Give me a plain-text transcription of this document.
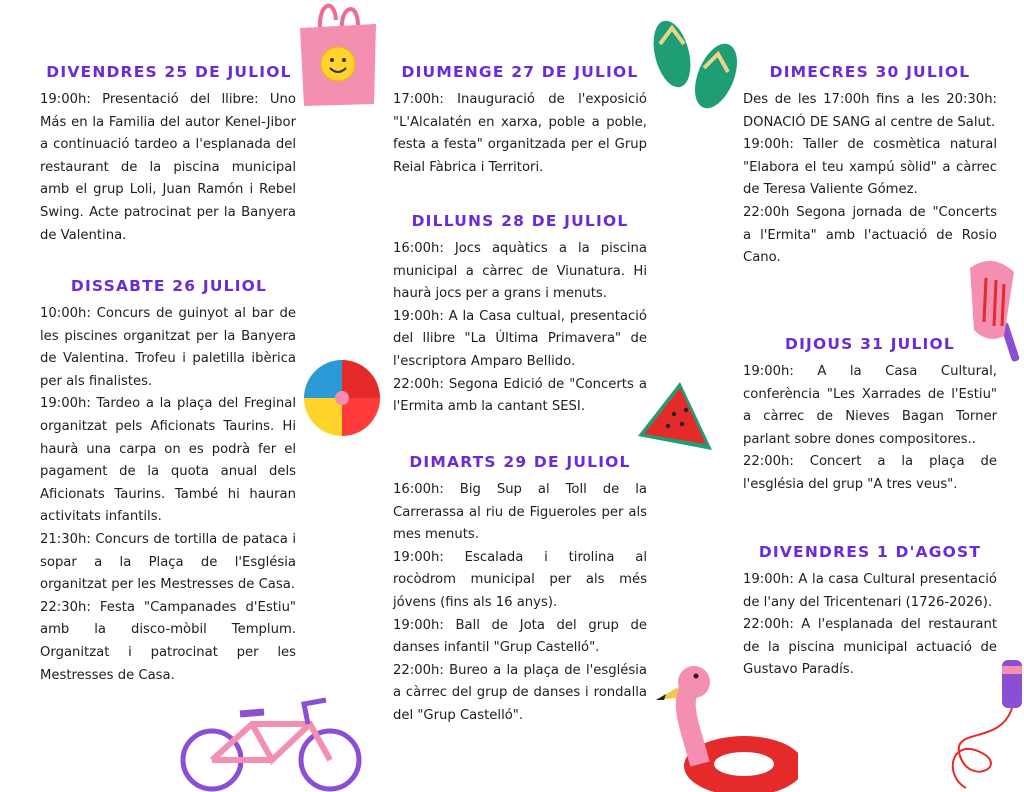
DIVENDRES 25 DE JULIOL

19:00h: Presentació del llibre: Uno Más en la Familia del autor Kenel-Jibor a continuació tardeo a l'esplanada del restaurant de la piscina municipal amb el grup Loli, Juan Ramón i Rebel Swing. Acte patrocinat per la Banyera de Valentina.

DISSABTE 26 JULIOL

10:00h: Concurs de guinyot al bar de les piscines organitzat per la Banyera de Valentina. Trofeu i paletilla ibèrica per als finalistes.

19:00h: Tardeo a la plaça del Freginal organitzat pels Aficionats Taurins. Hi haurà una carpa on es podrà fer el pagament de la quota anual dels Aficionats Taurins. També hi hauran activitats infantils.

21:30h: Concurs de tortilla de pataca i sopar a la Plaça de l'Església organitzat per les Mestresses de Casa.

22:30h: Festa "Campanades d'Estiu" amb la disco-mòbil Templum. Organitzat i patrocinat per les Mestresses de Casa.

DIUMENGE 27 DE JULIOL

17:00h: Inauguració de l'exposició "L'Alcalatén en xarxa, poble a poble, festa a festa" organitzada per el Grup Reial Fàbrica i Territori.

DILLUNS 28 DE JULIOL

16:00h: Jocs aquàtics a la piscina municipal a càrrec de Viunatura. Hi haurà jocs per a grans i menuts.

19:00h: A la Casa cultual, presentació del llibre "La Última Primavera" de l'escriptora Amparo Bellido.

22:00h: Segona Edició de "Concerts a l'Ermita amb la cantant SESI.

DIMARTS 29 DE JULIOL

16:00h: Big Sup al Toll de la Carrerassa al riu de Figueroles per als mes menuts.

19:00h: Escalada i tirolina al rocòdrom municipal per als més jóvens (fins als 16 anys).

19:00h: Ball de Jota del grup de danses infantil "Grup Castelló".

22:00h: Bureo a la plaça de l'església a càrrec del grup de danses i rondalla del "Grup Castelló".

DIMECRES 30 JULIOL

Des de les 17:00h fins a les 20:30h: DONACIÓ DE SANG al centre de Salut.

19:00h: Taller de cosmètica natural "Elabora el teu xampú sòlid" a càrrec de Teresa Valiente Gómez.

22:00h Segona jornada de "Concerts a l'Ermita" amb l'actuació de Rosio Cano.

DIJOUS 31 JULIOL

19:00h: A la Casa Cultural, conferència "Les Xarrades de l'Estiu" a càrrec de Nieves Bagan Torner parlant sobre dones compositores..

22:00h: Concert a la plaça de l'església del grup "A tres veus".

DIVENDRES 1 D'AGOST

19:00h: A la casa Cultural presentació de l'any del Tricentenari (1726-2026).

22:00h: A l'esplanada del restaurant de la piscina municipal actuació de Gustavo Paradís.
